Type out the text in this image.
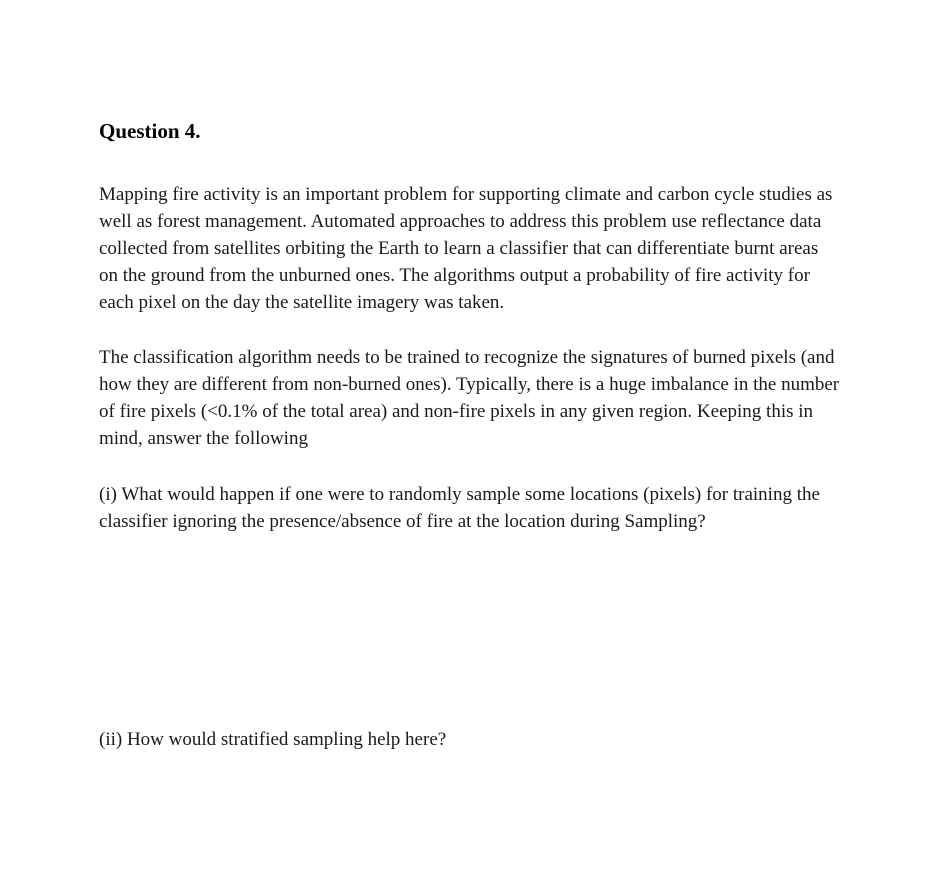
Question 4.

Mapping fire activity is an important problem for supporting climate and carbon cycle studies as
well as forest management. Automated approaches to address this problem use reflectance data
collected from satellites orbiting the Earth to learn a classifier that can differentiate burnt areas
on the ground from the unburned ones. The algorithms output a probability of fire activity for
each pixel on the day the satellite imagery was taken.

The classification algorithm needs to be trained to recognize the signatures of burned pixels (and
how they are different from non-burned ones). Typically, there is a huge imbalance in the number
of fire pixels (<0.1% of the total area) and non-fire pixels in any given region. Keeping this in
mind, answer the following

(i) What would happen if one were to randomly sample some locations (pixels) for training the
classifier ignoring the presence/absence of fire at the location during Sampling?

(ii) How would stratified sampling help here?
